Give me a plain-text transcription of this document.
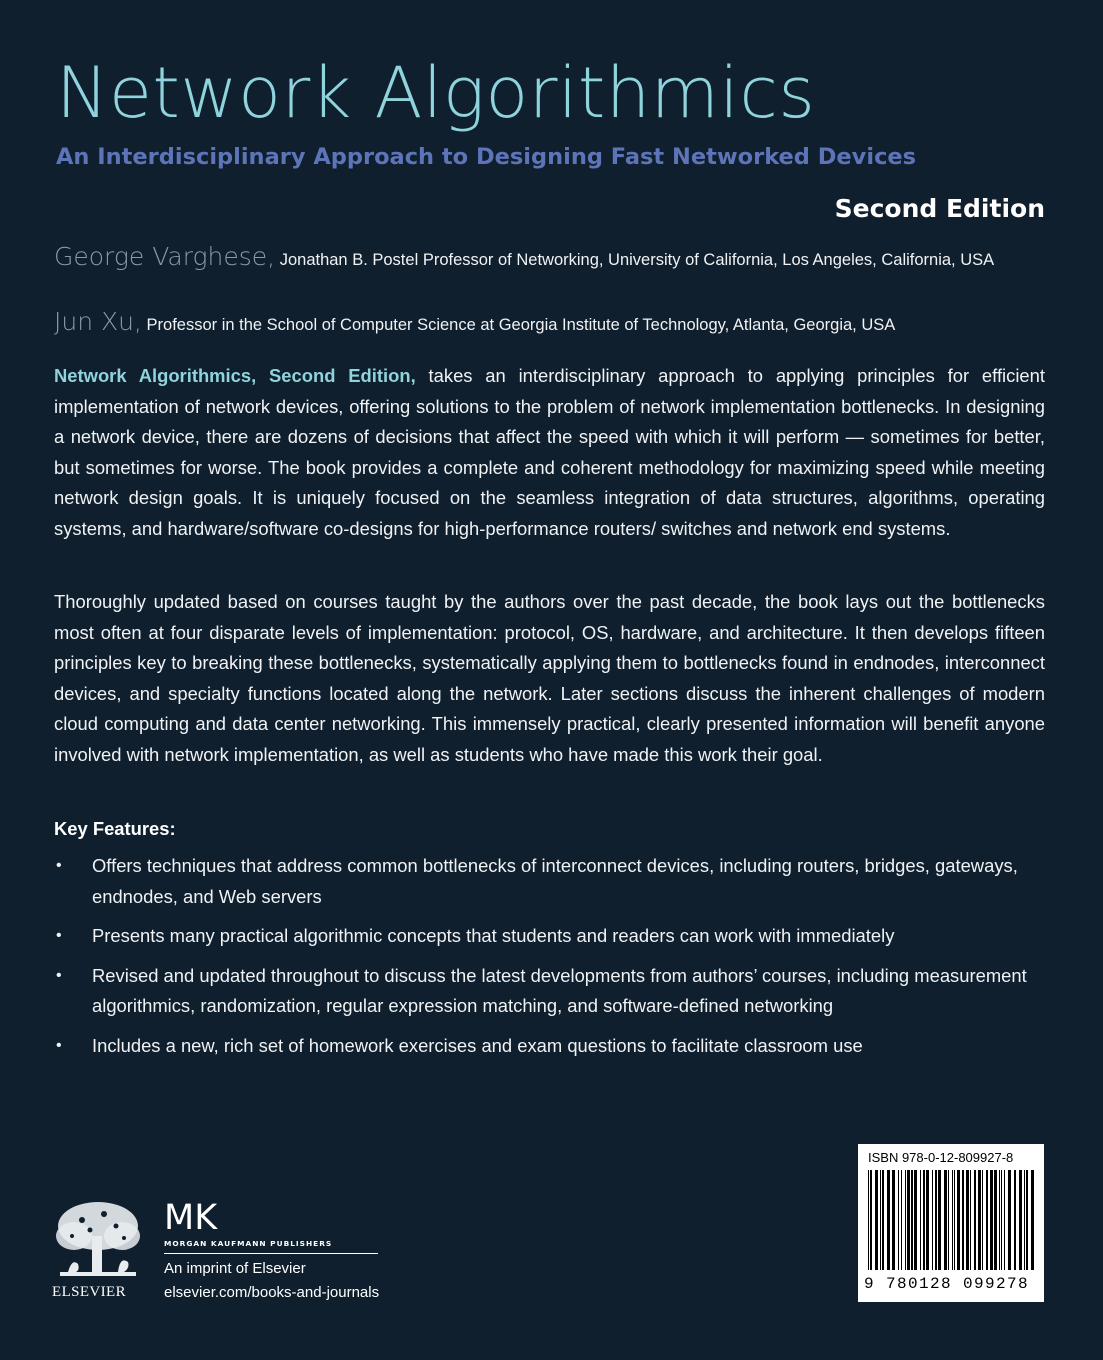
Network Algorithmics
An Interdisciplinary Approach to Designing Fast Networked Devices
Second Edition
George Varghese, Jonathan B. Postel Professor of Networking, University of California, Los Angeles, California, USA
Jun Xu, Professor in the School of Computer Science at Georgia Institute of Technology, Atlanta, Georgia, USA

Network Algorithmics, Second Edition, takes an interdisciplinary approach to applying principles for efficient implementation of network devices, offering solutions to the problem of network implementation bottlenecks. In designing a network device, there are dozens of decisions that affect the speed with which it will perform — sometimes for better, but sometimes for worse. The book provides a complete and coherent methodology for maximizing speed while meeting network design goals. It is uniquely focused on the seamless integration of data structures, algorithms, operating systems, and hardware/software co-designs for high-performance routers/ switches and network end systems.

Thoroughly updated based on courses taught by the authors over the past decade, the book lays out the bottlenecks most often at four disparate levels of implementation: protocol, OS, hardware, and architecture. It then develops fifteen principles key to breaking these bottlenecks, systematically applying them to bottlenecks found in endnodes, interconnect devices, and specialty functions located along the network. Later sections discuss the inherent challenges of modern cloud computing and data center networking. This immensely practical, clearly presented information will benefit anyone involved with network implementation, as well as students who have made this work their goal.

Key Features:
• Offers techniques that address common bottlenecks of interconnect devices, including routers, bridges, gateways, endnodes, and Web servers
• Presents many practical algorithmic concepts that students and readers can work with immediately
• Revised and updated throughout to discuss the latest developments from authors’ courses, including measurement algorithmics, randomization, regular expression matching, and software-defined networking
• Includes a new, rich set of homework exercises and exam questions to facilitate classroom use
ELSEVIER
MK
MORGAN KAUFMANN PUBLISHERS
An imprint of Elsevier
elsevier.com/books-and-journals
ISBN 978-0-12-809927-8
9 780128 099278
